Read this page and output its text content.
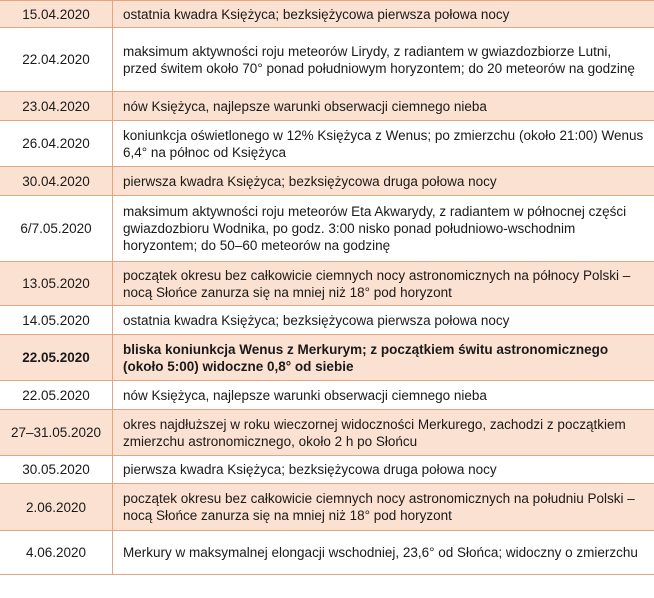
15.04.2020	ostatnia kwadra Księżyca; bezksiężycowa pierwsza połowa nocy
22.04.2020	maksimum aktywności roju meteorów Lirydy, z radiantem w gwiazdozbiorze Lutni, przed świtem około 70° ponad południowym horyzontem; do 20 meteorów na godzinę
23.04.2020	nów Księżyca, najlepsze warunki obserwacji ciemnego nieba
26.04.2020	koniunkcja oświetlonego w 12% Księżyca z Wenus; po zmierzchu (około 21:00) Wenus 6,4° na północ od Księżyca
30.04.2020	pierwsza kwadra Księżyca; bezksiężycowa druga połowa nocy
6/7.05.2020	maksimum aktywności roju meteorów Eta Akwarydy, z radiantem w północnej części gwiazdozbioru Wodnika, po godz. 3:00 nisko ponad południowo-wschodnim horyzontem; do 50–60 meteorów na godzinę
13.05.2020	początek okresu bez całkowicie ciemnych nocy astronomicznych na północy Polski – nocą Słońce zanurza się na mniej niż 18° pod horyzont
14.05.2020	ostatnia kwadra Księżyca; bezksiężycowa pierwsza połowa nocy
22.05.2020	bliska koniunkcja Wenus z Merkurym; z początkiem świtu astronomicznego (około 5:00) widoczne 0,8° od siebie
22.05.2020	nów Księżyca, najlepsze warunki obserwacji ciemnego nieba
27–31.05.2020	okres najdłuższej w roku wieczornej widoczności Merkurego, zachodzi z początkiem zmierzchu astronomicznego, około 2 h po Słońcu
30.05.2020	pierwsza kwadra Księżyca; bezksiężycowa druga połowa nocy
2.06.2020	początek okresu bez całkowicie ciemnych nocy astronomicznych na południu Polski – nocą Słońce zanurza się na mniej niż 18° pod horyzont
4.06.2020	Merkury w maksymalnej elongacji wschodniej, 23,6° od Słońca; widoczny o zmierzchu
